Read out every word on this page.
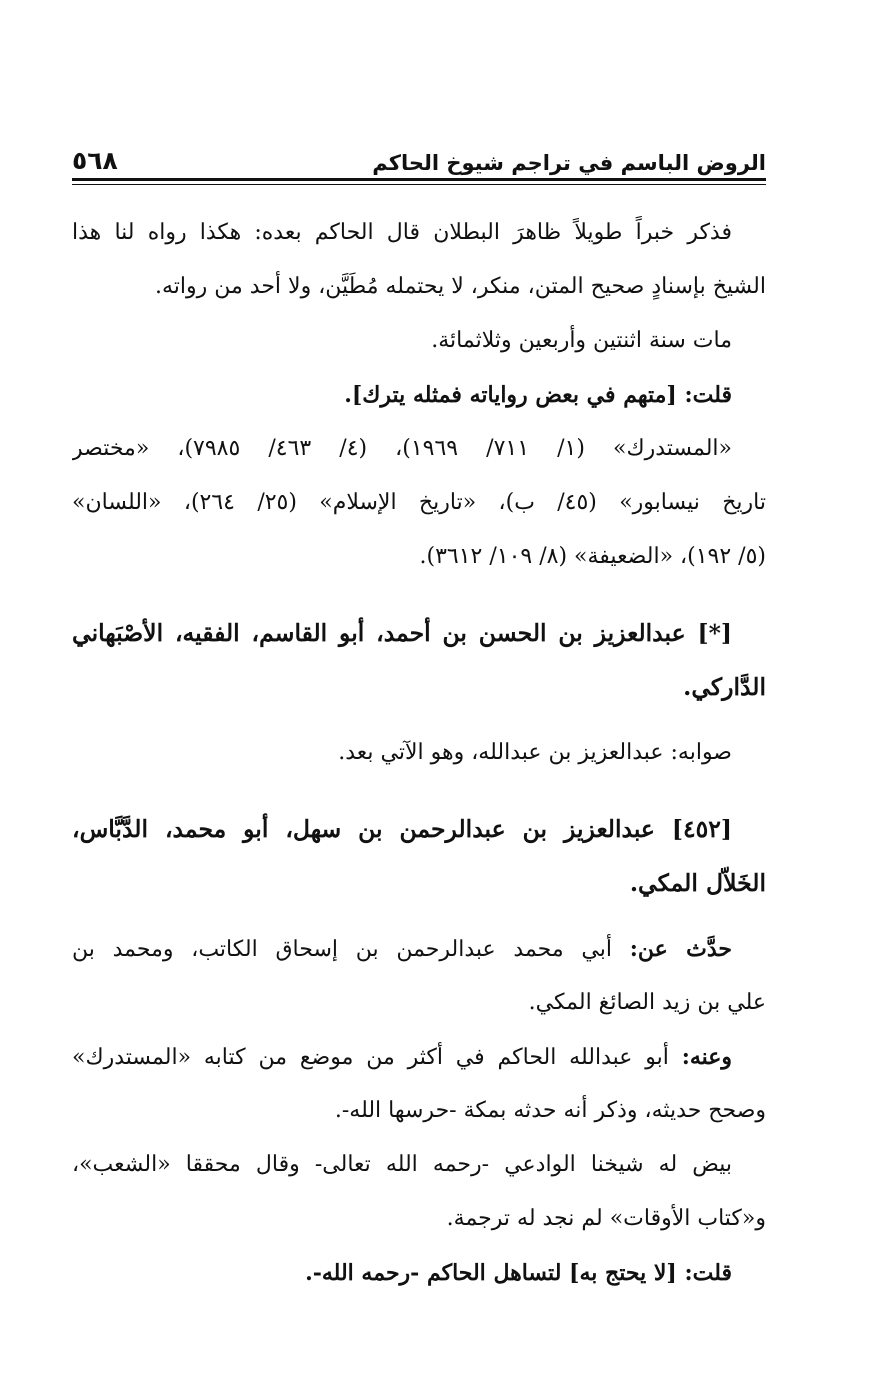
الروض الباسم في تراجم شيوخ الحاكم
٥٦٨
فذكر خبراً طويلاً ظاهرَ البطلان قال الحاكم بعده: هكذا رواه لنا هذا
الشيخ بإسنادٍ صحيح المتن، منكر، لا يحتمله مُطَيَّن، ولا أحد من رواته.
مات سنة اثنتين وأربعين وثلاثمائة.
قلت: [متهم في بعض رواياته فمثله يترك].
«المستدرك» (١/ ٧١١/ ١٩٦٩)، (٤/ ٤٦٣/ ٧٩٨٥)، «مختصر
تاريخ نيسابور» (٤٥/ ب)، «تاريخ الإسلام» (٢٥/ ٢٦٤)، «اللسان»
(٥/ ١٩٢)، «الضعيفة» (٨/ ١٠٩/ ٣٦١٢).
[*] عبدالعزيز بن الحسن بن أحمد، أبو القاسم، الفقيه، الأصْبَهاني
الدَّاركي.
صوابه: عبدالعزيز بن عبدالله، وهو الآتي بعد.
[٤٥٢] عبدالعزيز بن عبدالرحمن بن سهل، أبو محمد، الدَّبَّاس،
الخَلاّل المكي.
حدَّث عن: أبي محمد عبدالرحمن بن إسحاق الكاتب، ومحمد بن
علي بن زيد الصائغ المكي.
وعنه: أبو عبدالله الحاكم في أكثر من موضع من كتابه «المستدرك»
وصحح حديثه، وذكر أنه حدثه بمكة -حرسها الله-.
بيض له شيخنا الوادعي -رحمه الله تعالى- وقال محققا «الشعب»،
و«كتاب الأوقات» لم نجد له ترجمة.
قلت: [لا يحتج به] لتساهل الحاكم -رحمه الله-.
